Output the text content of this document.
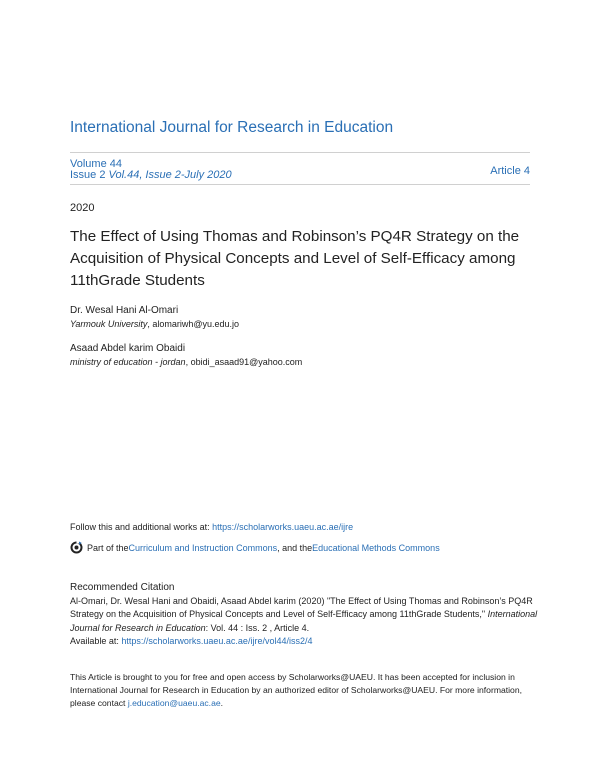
International Journal for Research in Education
Volume 44
Issue 2 Vol.44, Issue 2-July 2020	Article 4
2020
The Effect of Using Thomas and Robinson’s PQ4R Strategy on the Acquisition of Physical Concepts and Level of Self-Efficacy among 11thGrade Students
Dr. Wesal Hani Al-Omari
Yarmouk University, alomariwh@yu.edu.jo
Asaad Abdel karim Obaidi
ministry of education - jordan, obidi_asaad91@yahoo.com
Follow this and additional works at: https://scholarworks.uaeu.ac.ae/ijre
Part of the Curriculum and Instruction Commons , and the Educational Methods Commons
Recommended Citation
Al-Omari, Dr. Wesal Hani and Obaidi, Asaad Abdel karim (2020) "The Effect of Using Thomas and Robinson’s PQ4R Strategy on the Acquisition of Physical Concepts and Level of Self-Efficacy among 11thGrade Students," International Journal for Research in Education: Vol. 44 : Iss. 2 , Article 4.
Available at: https://scholarworks.uaeu.ac.ae/ijre/vol44/iss2/4
This Article is brought to you for free and open access by Scholarworks@UAEU. It has been accepted for inclusion in International Journal for Research in Education by an authorized editor of Scholarworks@UAEU. For more information, please contact j.education@uaeu.ac.ae.
